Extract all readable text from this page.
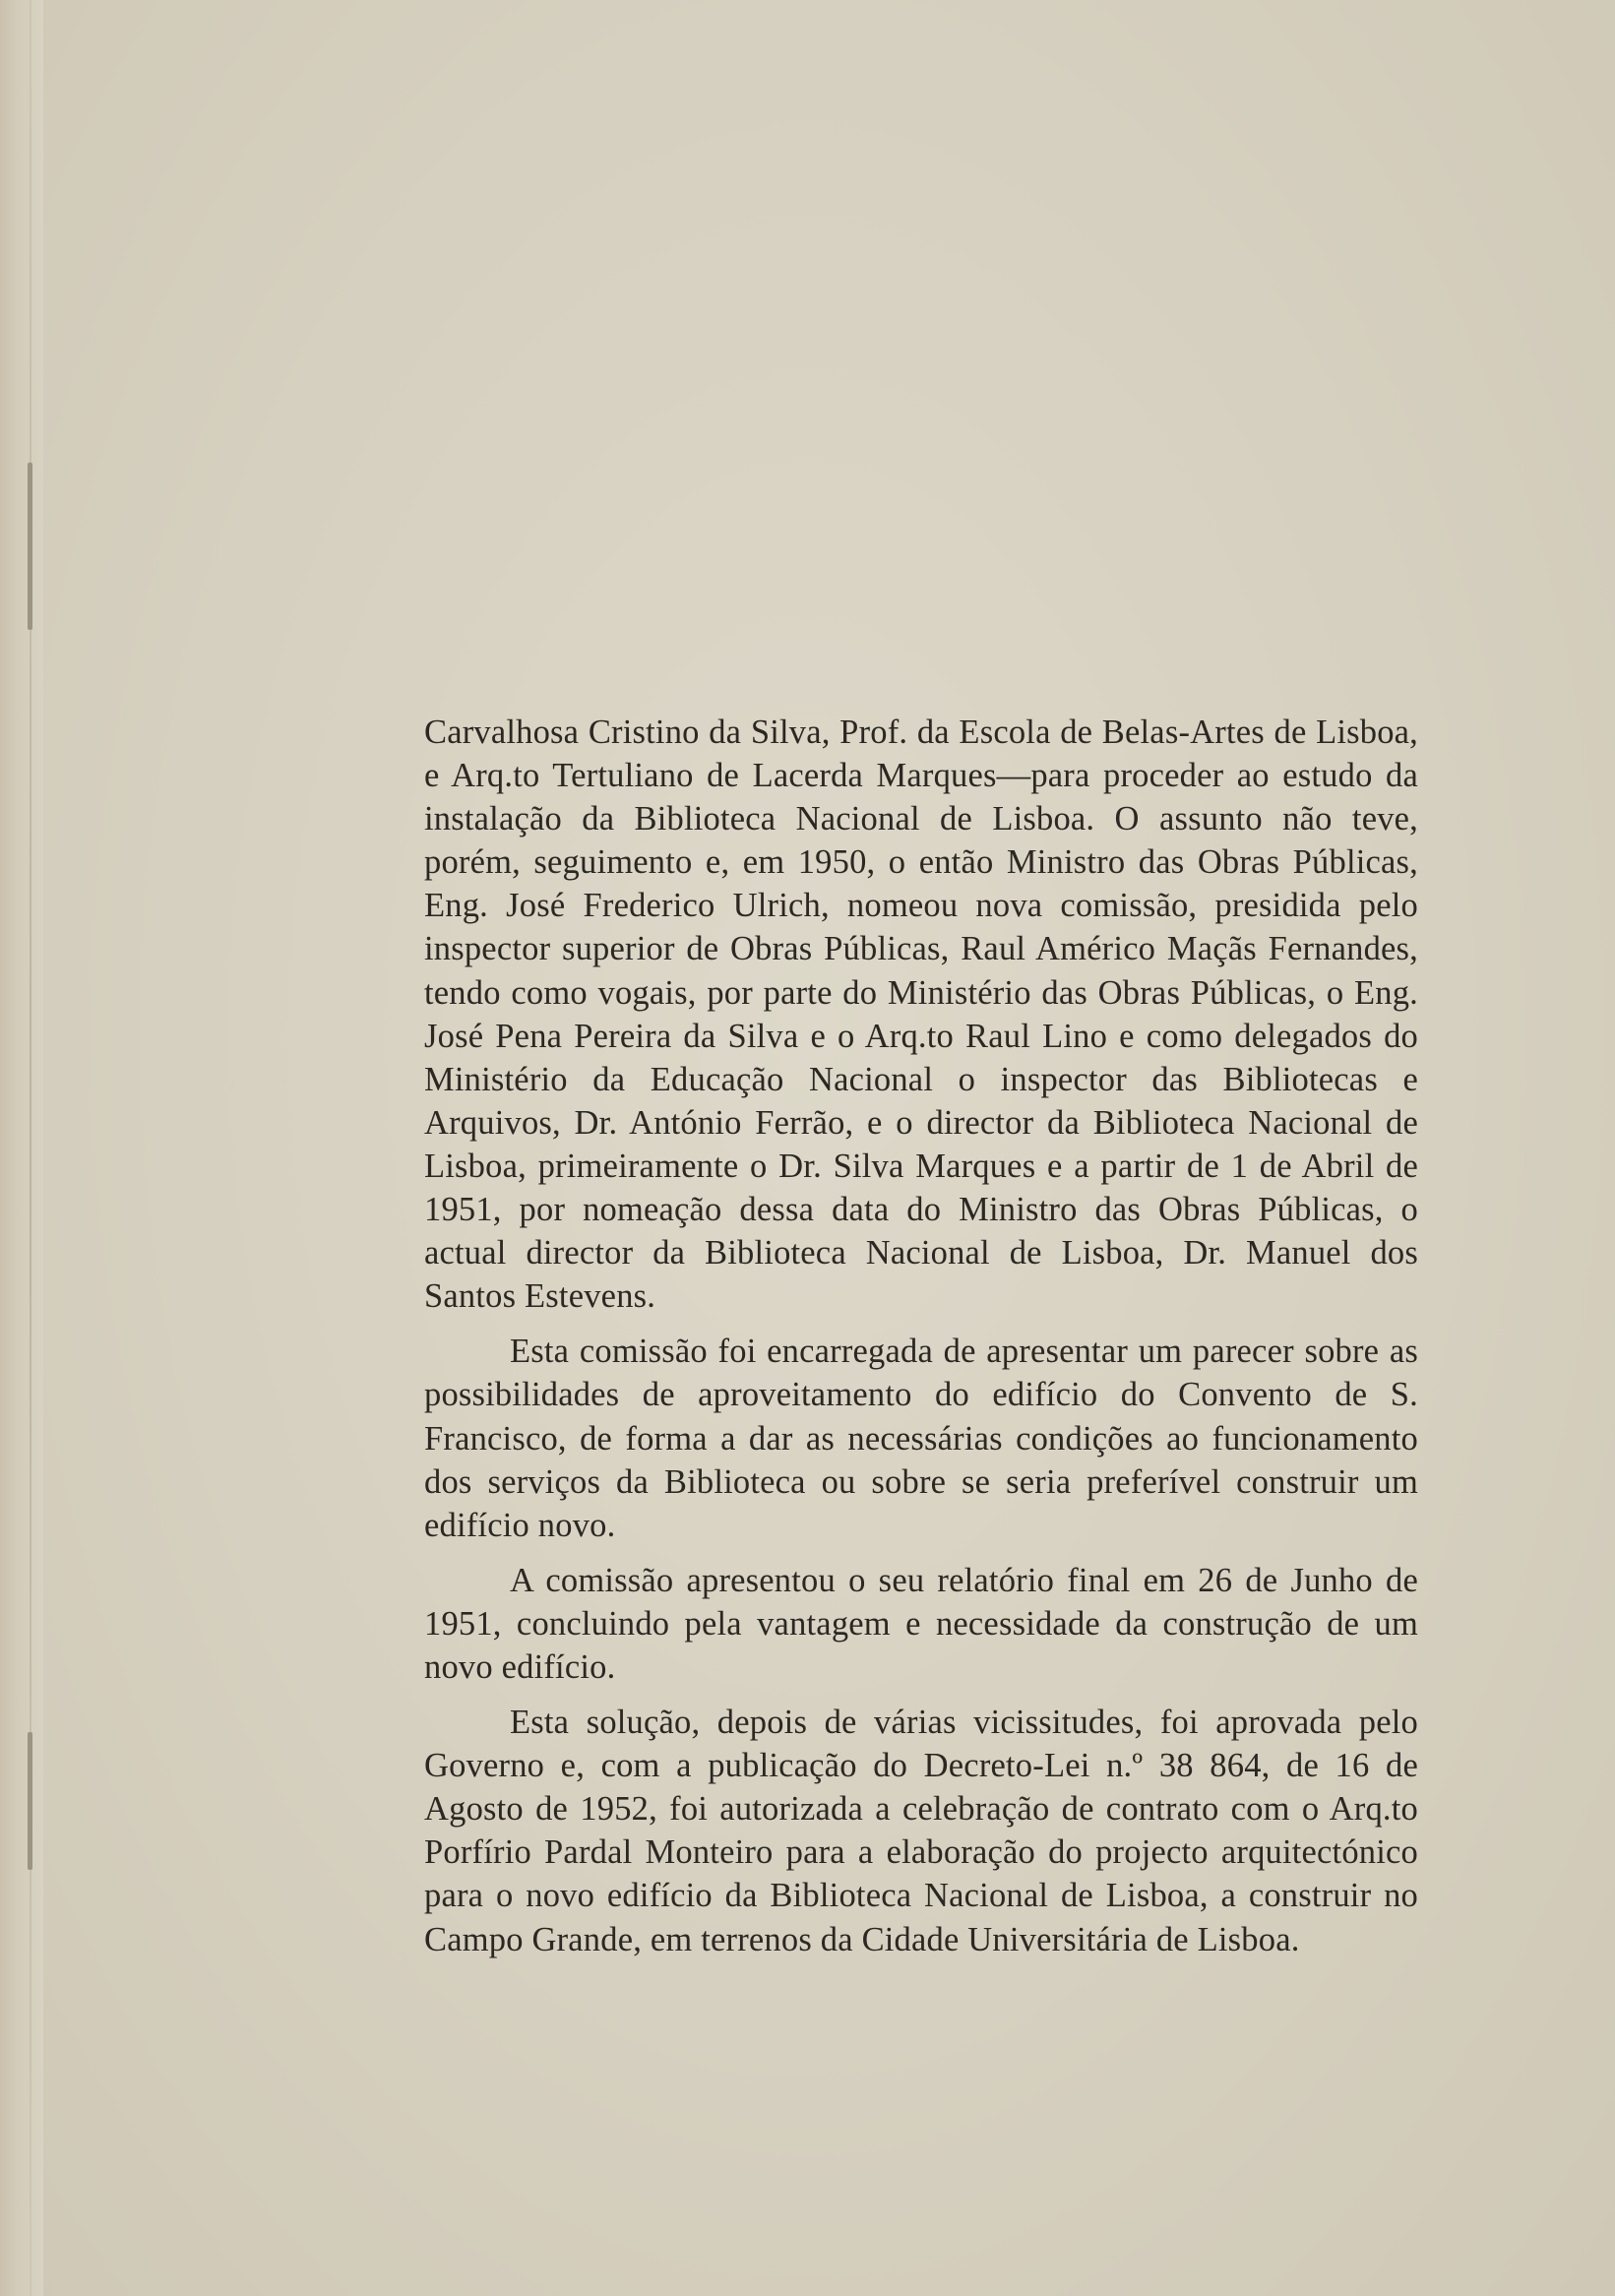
Carvalhosa Cristino da Silva, Prof. da Escola de Belas-Artes de Lisboa, e Arq.to Tertuliano de Lacerda Marques—para proceder ao estudo da instalação da Biblioteca Nacional de Lisboa. O assunto não teve, porém, seguimento e, em 1950, o então Ministro das Obras Públicas, Eng. José Frederico Ulrich, nomeou nova comissão, presidida pelo inspector superior de Obras Públicas, Raul Américo Maçãs Fernandes, tendo como vogais, por parte do Ministério das Obras Públicas, o Eng. José Pena Pereira da Silva e o Arq.to Raul Lino e como delegados do Ministério da Educação Nacional o inspector das Bibliotecas e Arquivos, Dr. António Ferrão, e o director da Biblioteca Nacional de Lisboa, primeiramente o Dr. Silva Marques e a partir de 1 de Abril de 1951, por nomeação dessa data do Ministro das Obras Públicas, o actual director da Biblioteca Nacional de Lisboa, Dr. Manuel dos Santos Estevens.

Esta comissão foi encarregada de apresentar um parecer sobre as possibilidades de aproveitamento do edifício do Convento de S. Francisco, de forma a dar as necessárias condições ao funcionamento dos serviços da Biblioteca ou sobre se seria preferível construir um edifício novo.

A comissão apresentou o seu relatório final em 26 de Junho de 1951, concluindo pela vantagem e necessidade da construção de um novo edifício.

Esta solução, depois de várias vicissitudes, foi aprovada pelo Governo e, com a publicação do Decreto-Lei n.º 38 864, de 16 de Agosto de 1952, foi autorizada a celebração de contrato com o Arq.to Porfírio Pardal Monteiro para a elaboração do projecto arquitectónico para o novo edifício da Biblioteca Nacional de Lisboa, a construir no Campo Grande, em terrenos da Cidade Universitária de Lisboa.
